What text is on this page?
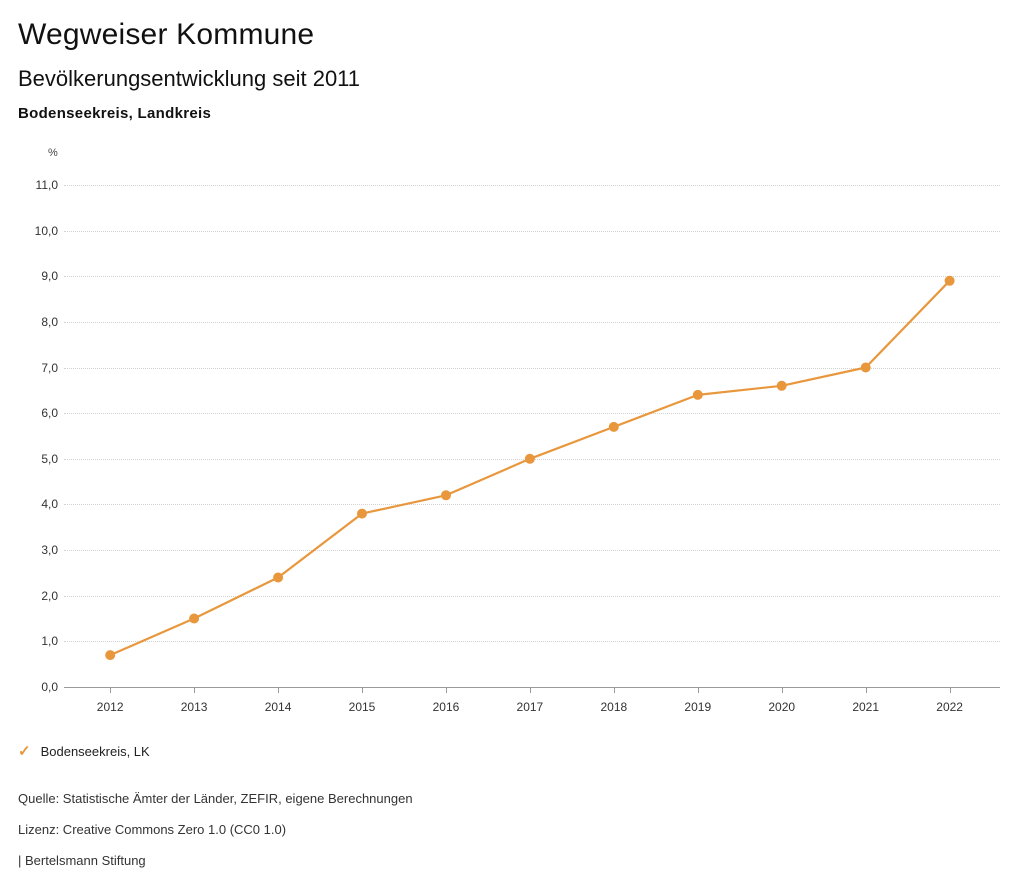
Wegweiser Kommune
Bevölkerungsentwicklung seit 2011
Bodenseekreis, Landkreis
%
0,0
1,0
2,0
3,0
4,0
5,0
6,0
7,0
8,0
9,0
10,0
11,0
2012	2013	2014	2015	2016	2017	2018	2019	2020	2021	2022
✓ Bodenseekreis, LK
Quelle: Statistische Ämter der Länder, ZEFIR, eigene Berechnungen
Lizenz: Creative Commons Zero 1.0 (CC0 1.0)
| Bertelsmann Stiftung
